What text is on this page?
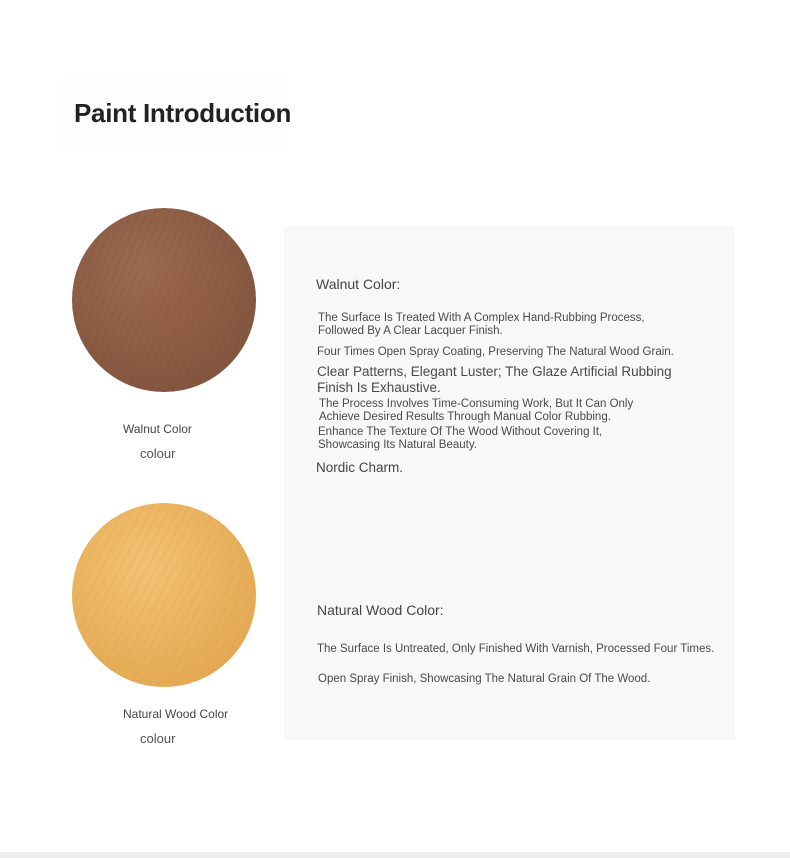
Paint Introduction
Walnut Color
colour
Natural Wood Color
colour
Walnut Color:
The Surface Is Treated With A Complex Hand-Rubbing Process,
Followed By A Clear Lacquer Finish.
Four Times Open Spray Coating, Preserving The Natural Wood Grain.
Clear Patterns, Elegant Luster; The Glaze Artificial Rubbing
Finish Is Exhaustive.
The Process Involves Time-Consuming Work, But It Can Only
Achieve Desired Results Through Manual Color Rubbing.
Enhance The Texture Of The Wood Without Covering It,
Showcasing Its Natural Beauty.
Nordic Charm.
Natural Wood Color:
The Surface Is Untreated, Only Finished With Varnish, Processed Four Times.
Open Spray Finish, Showcasing The Natural Grain Of The Wood.
